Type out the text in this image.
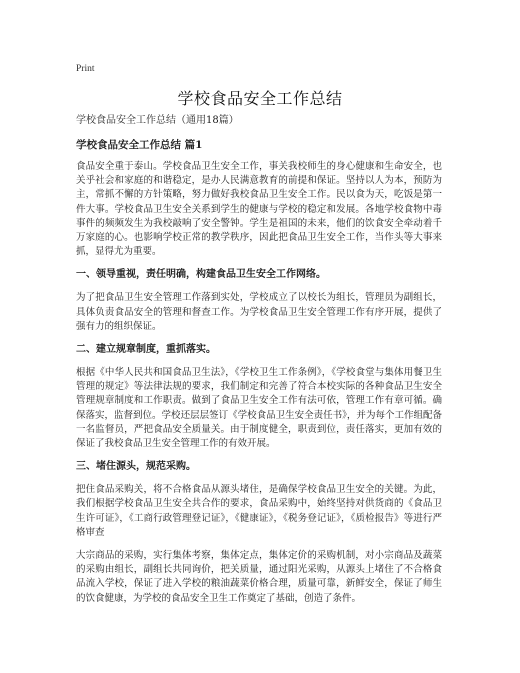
Print
学校食品安全工作总结

学校食品安全工作总结（通用18篇）

学校食品安全工作总结 篇1

食品安全重于泰山。学校食品卫生安全工作，事关我校师生的身心健康和生命安全，也关乎社会和家庭的和谐稳定，是办人民满意教育的前提和保证。坚持以人为本，预防为主，常抓不懈的方针策略，努力做好我校食品卫生安全工作。民以食为天，吃饭是第一件大事。学校食品卫生安全关系到学生的健康与学校的稳定和发展。各地学校食物中毒事件的频频发生为我校敲响了安全警钟。学生是祖国的未来，他们的饮食安全牵动着千万家庭的心。也影响学校正常的教学秩序，因此把食品卫生安全工作，当作头等大事来抓，显得尤为重要。

一、领导重视，责任明确，构建食品卫生安全工作网络。

为了把食品卫生安全管理工作落到实处，学校成立了以校长为组长，管理员为副组长，具体负责食品安全的管理和督查工作。为学校食品卫生安全管理工作有序开展，提供了强有力的组织保证。

二、建立规章制度，重抓落实。

根据《中华人民共和国食品卫生法》，《学校卫生工作条例》，《学校食堂与集体用餐卫生管理的规定》等法律法规的要求，我们制定和完善了符合本校实际的各种食品卫生安全管理规章制度和工作职责。做到了食品卫生安全工作有法可依，管理工作有章可循。确保落实，监督到位。学校还层层签订《学校食品卫生安全责任书》，并为每个工作组配备一名监督员，严把食品安全质量关。由于制度健全，职责到位，责任落实，更加有效的保证了我校食品卫生安全管理工作的有效开展。

三、堵住源头，规范采购。

把住食品采购关，将不合格食品从源头堵住，是确保学校食品卫生安全的关键。为此，我们根据学校食品卫生安全共合作的要求，食品采购中，始终坚持对供货商的《食品卫生许可证》，《工商行政管理登记证》，《健康证》，《税务登记证》，《质检报告》等进行严格审查

大宗商品的采购，实行集体考察，集体定点，集体定价的采购机制，对小宗商品及蔬菜的采购由组长，副组长共同询价，把关质量，通过阳光采购，从源头上堵住了不合格食品流入学校，保证了进入学校的粮油蔬菜价格合理，质量可靠，新鲜安全，保证了师生的饮食健康，为学校的食品安全卫生工作奠定了基础，创造了条件。
